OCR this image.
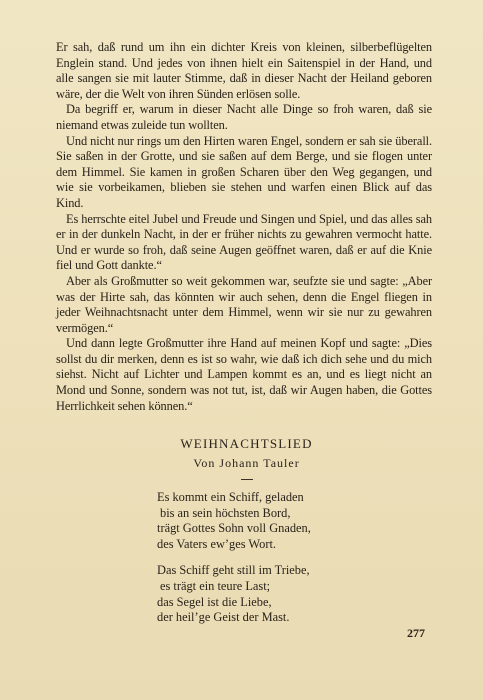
Er sah, daß rund um ihn ein dichter Kreis von kleinen, silberbeflügelten Englein stand. Und jedes von ihnen hielt ein Saitenspiel in der Hand, und alle sangen sie mit lauter Stimme, daß in dieser Nacht der Heiland geboren wäre, der die Welt von ihren Sünden erlösen solle.

Da begriff er, warum in dieser Nacht alle Dinge so froh waren, daß sie niemand etwas zuleide tun wollten.

Und nicht nur rings um den Hirten waren Engel, sondern er sah sie überall. Sie saßen in der Grotte, und sie saßen auf dem Berge, und sie flogen unter dem Himmel. Sie kamen in großen Scharen über den Weg gegangen, und wie sie vorbeikamen, blieben sie stehen und warfen einen Blick auf das Kind.

Es herrschte eitel Jubel und Freude und Singen und Spiel, und das alles sah er in der dunkeln Nacht, in der er früher nichts zu gewahren vermocht hatte. Und er wurde so froh, daß seine Augen geöffnet waren, daß er auf die Knie fiel und Gott dankte.“

Aber als Großmutter so weit gekommen war, seufzte sie und sagte: „Aber was der Hirte sah, das könnten wir auch sehen, denn die Engel fliegen in jeder Weihnachtsnacht unter dem Himmel, wenn wir sie nur zu gewahren vermögen.“

Und dann legte Großmutter ihre Hand auf meinen Kopf und sagte: „Dies sollst du dir merken, denn es ist so wahr, wie daß ich dich sehe und du mich siehst. Nicht auf Lichter und Lampen kommt es an, und es liegt nicht an Mond und Sonne, sondern was not tut, ist, daß wir Augen haben, die Gottes Herrlichkeit sehen können.“

WEIHNACHTSLIED
Von Johann Tauler
Es kommt ein Schiff, geladen
bis an sein höchsten Bord,
trägt Gottes Sohn voll Gnaden,
des Vaters ew’ges Wort.
Das Schiff geht still im Triebe,
es trägt ein teure Last;
das Segel ist die Liebe,
der heil’ge Geist der Mast.
277
